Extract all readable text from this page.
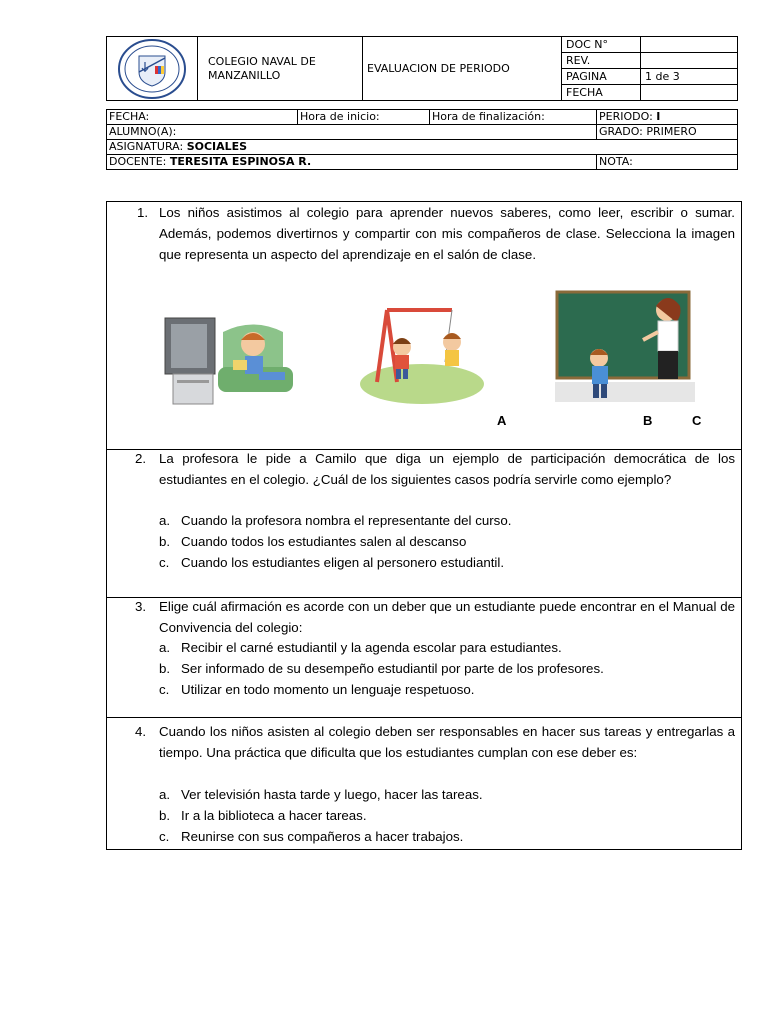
	COLEGIO NAVAL DE MANZANILLO	EVALUACION DE PERIODO	DOC N°	
			REV.	
			PAGINA	1 de 3
			FECHA	
FECHA:	Hora de inicio:	Hora de finalización:	PERIODO: I
ALUMNO(A):			GRADO: PRIMERO
ASIGNATURA: SOCIALES			
DOCENTE: TERESITA ESPINOSA R.			NOTA:
1. Los niños asistimos al colegio para aprender nuevos saberes, como leer, escribir o sumar. Además, podemos divertirnos y compartir con mis compañeros de clase. Selecciona la imagen que representa un aspecto del aprendizaje en el salón de clase.
A	B	C
2. La profesora le pide a Camilo que diga un ejemplo de participación democrática de los estudiantes en el colegio. ¿Cuál de los siguientes casos podría servirle como ejemplo?
a. Cuando la profesora nombra el representante del curso.
b. Cuando todos los estudiantes salen al descanso
c. Cuando los estudiantes eligen al personero estudiantil.
3. Elige cuál afirmación es acorde con un deber que un estudiante puede encontrar en el Manual de Convivencia del colegio:
a. Recibir el carné estudiantil y la agenda escolar para estudiantes.
b. Ser informado de su desempeño estudiantil por parte de los profesores.
c. Utilizar en todo momento un lenguaje respetuoso.
4. Cuando los niños asisten al colegio deben ser responsables en hacer sus tareas y entregarlas a tiempo. Una práctica que dificulta que los estudiantes cumplan con ese deber es:
a. Ver televisión hasta tarde y luego, hacer las tareas.
b. Ir a la biblioteca a hacer tareas.
c. Reunirse con sus compañeros a hacer trabajos.
